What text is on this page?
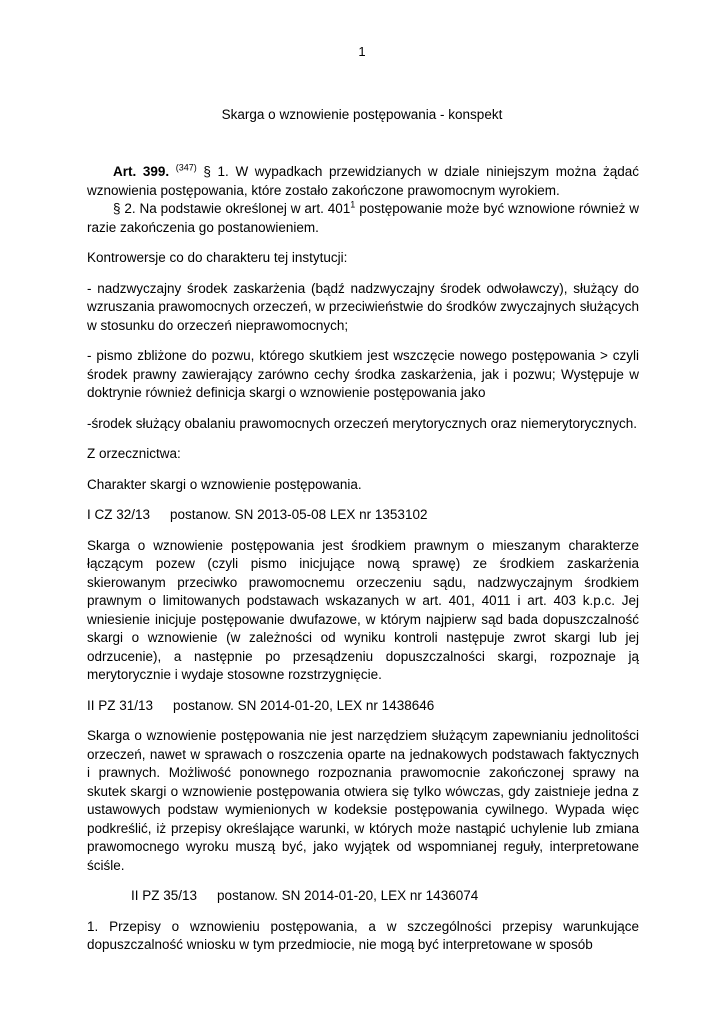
1
Skarga o wznowienie postępowania - konspekt

Art. 399. $^{(347)}$ § 1. W wypadkach przewidzianych w dziale niniejszym można żądać wznowienia postępowania, które zostało zakończone prawomocnym wyrokiem.

§ 2. Na podstawie określonej w art. $401^1$ postępowanie może być wznowione również w razie zakończenia go postanowieniem.

Kontrowersje co do charakteru tej instytucji:

- nadzwyczajny środek zaskarżenia (bądź nadzwyczajny środek odwoławczy), służący do wzruszania prawomocnych orzeczeń, w przeciwieństwie do środków zwyczajnych służących w stosunku do orzeczeń nieprawomocnych;

- pismo zbliżone do pozwu, którego skutkiem jest wszczęcie nowego postępowania > czyli środek prawny zawierający zarówno cechy środka zaskarżenia, jak i pozwu; Występuje w doktrynie również definicja skargi o wznowienie postępowania jako

-środek służący obalaniu prawomocnych orzeczeń merytorycznych oraz niemerytorycznych.

Z orzecznictwa:

Charakter skargi o wznowienie postępowania.

I CZ 32/13 postanow. SN 2013-05-08 LEX nr 1353102

Skarga o wznowienie postępowania jest środkiem prawnym o mieszanym charakterze łączącym pozew (czyli pismo inicjujące nową sprawę) ze środkiem zaskarżenia skierowanym przeciwko prawomocnemu orzeczeniu sądu, nadzwyczajnym środkiem prawnym o limitowanych podstawach wskazanych w art. 401, 4011 i art. 403 k.p.c. Jej wniesienie inicjuje postępowanie dwufazowe, w którym najpierw sąd bada dopuszczalność skargi o wznowienie (w zależności od wyniku kontroli następuje zwrot skargi lub jej odrzucenie), a następnie po przesądzeniu dopuszczalności skargi, rozpoznaje ją merytorycznie i wydaje stosowne rozstrzygnięcie.

II PZ 31/13 postanow. SN 2014-01-20, LEX nr 1438646

Skarga o wznowienie postępowania nie jest narzędziem służącym zapewnianiu jednolitości orzeczeń, nawet w sprawach o roszczenia oparte na jednakowych podstawach faktycznych i prawnych. Możliwość ponownego rozpoznania prawomocnie zakończonej sprawy na skutek skargi o wznowienie postępowania otwiera się tylko wówczas, gdy zaistnieje jedna z ustawowych podstaw wymienionych w kodeksie postępowania cywilnego. Wypada więc podkreślić, iż przepisy określające warunki, w których może nastąpić uchylenie lub zmiana prawomocnego wyroku muszą być, jako wyjątek od wspomnianej reguły, interpretowane ściśle.

II PZ 35/13 postanow. SN 2014-01-20, LEX nr 1436074

1. Przepisy o wznowieniu postępowania, a w szczególności przepisy warunkujące dopuszczalność wniosku w tym przedmiocie, nie mogą być interpretowane w sposób
